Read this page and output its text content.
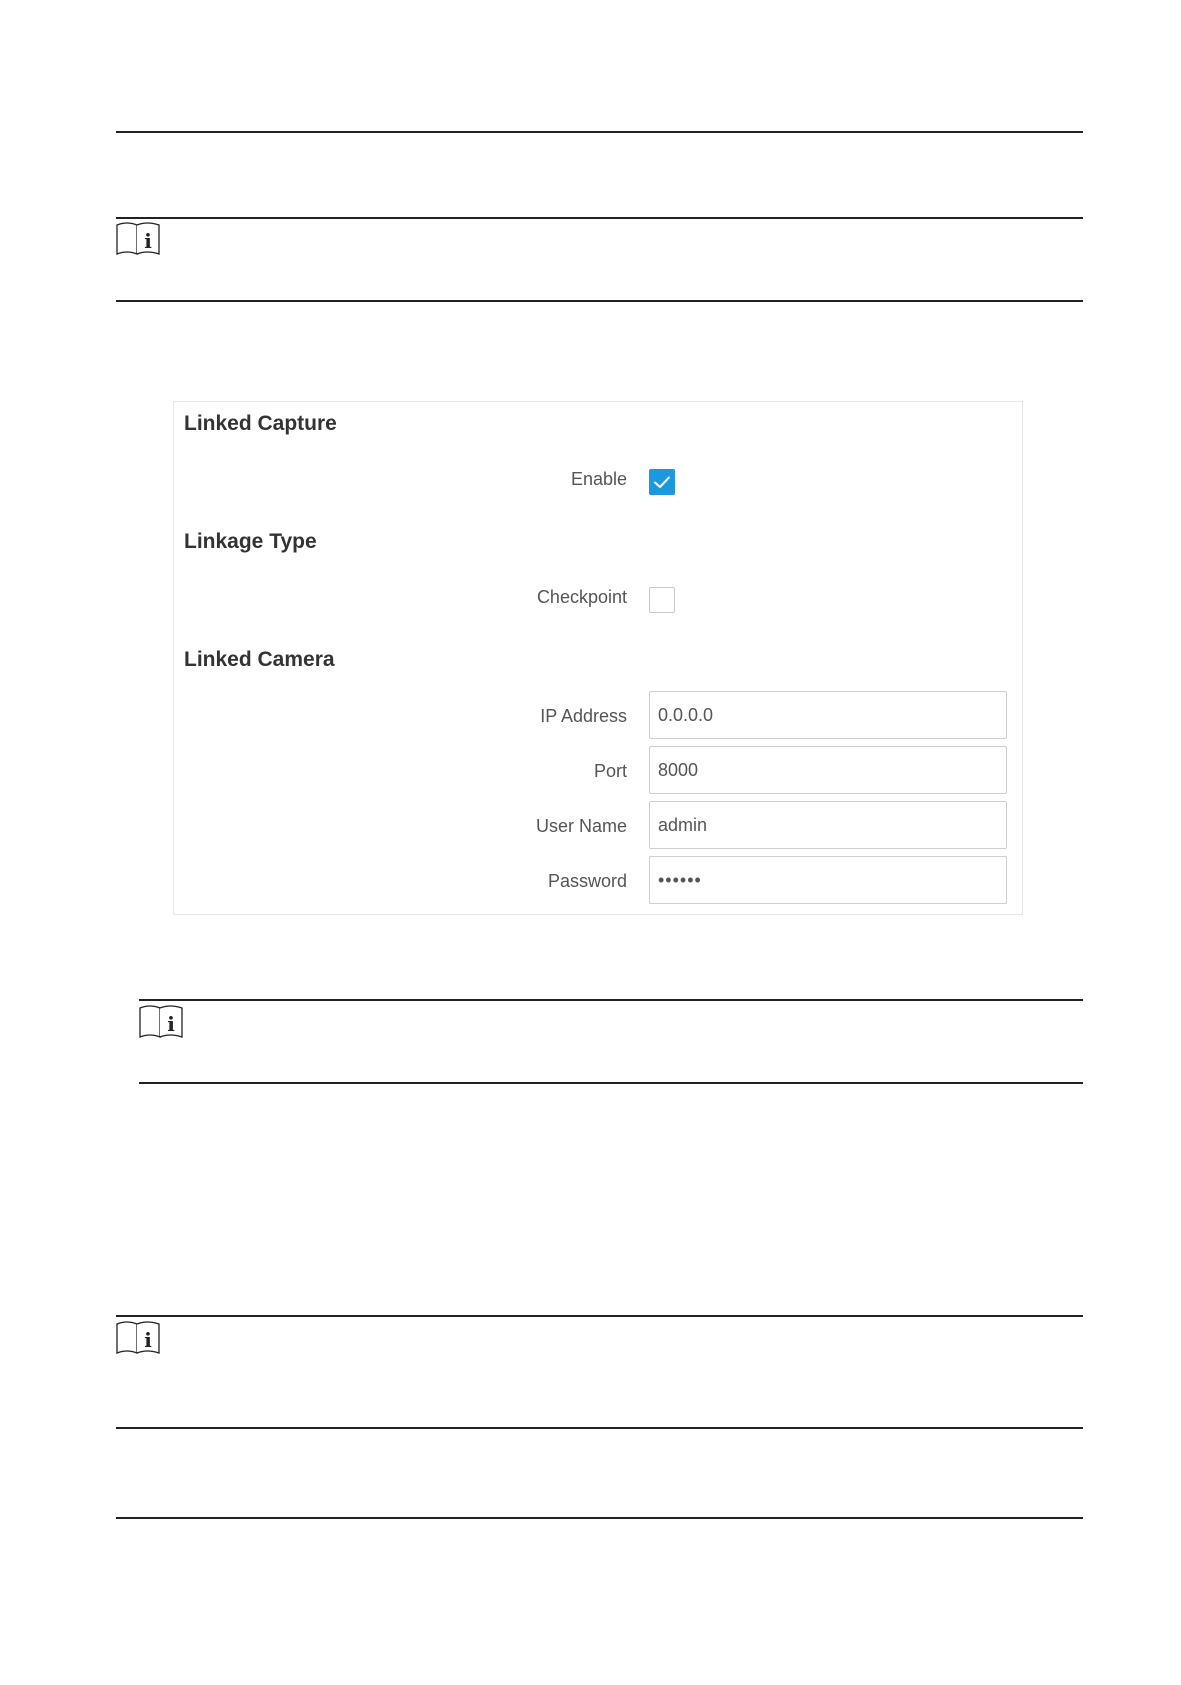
i
Linked Capture
Enable
Linkage Type
Checkpoint
Linked Camera
IP Address
0.0.0.0
Port
8000
User Name
admin
Password
••••••
i
i
